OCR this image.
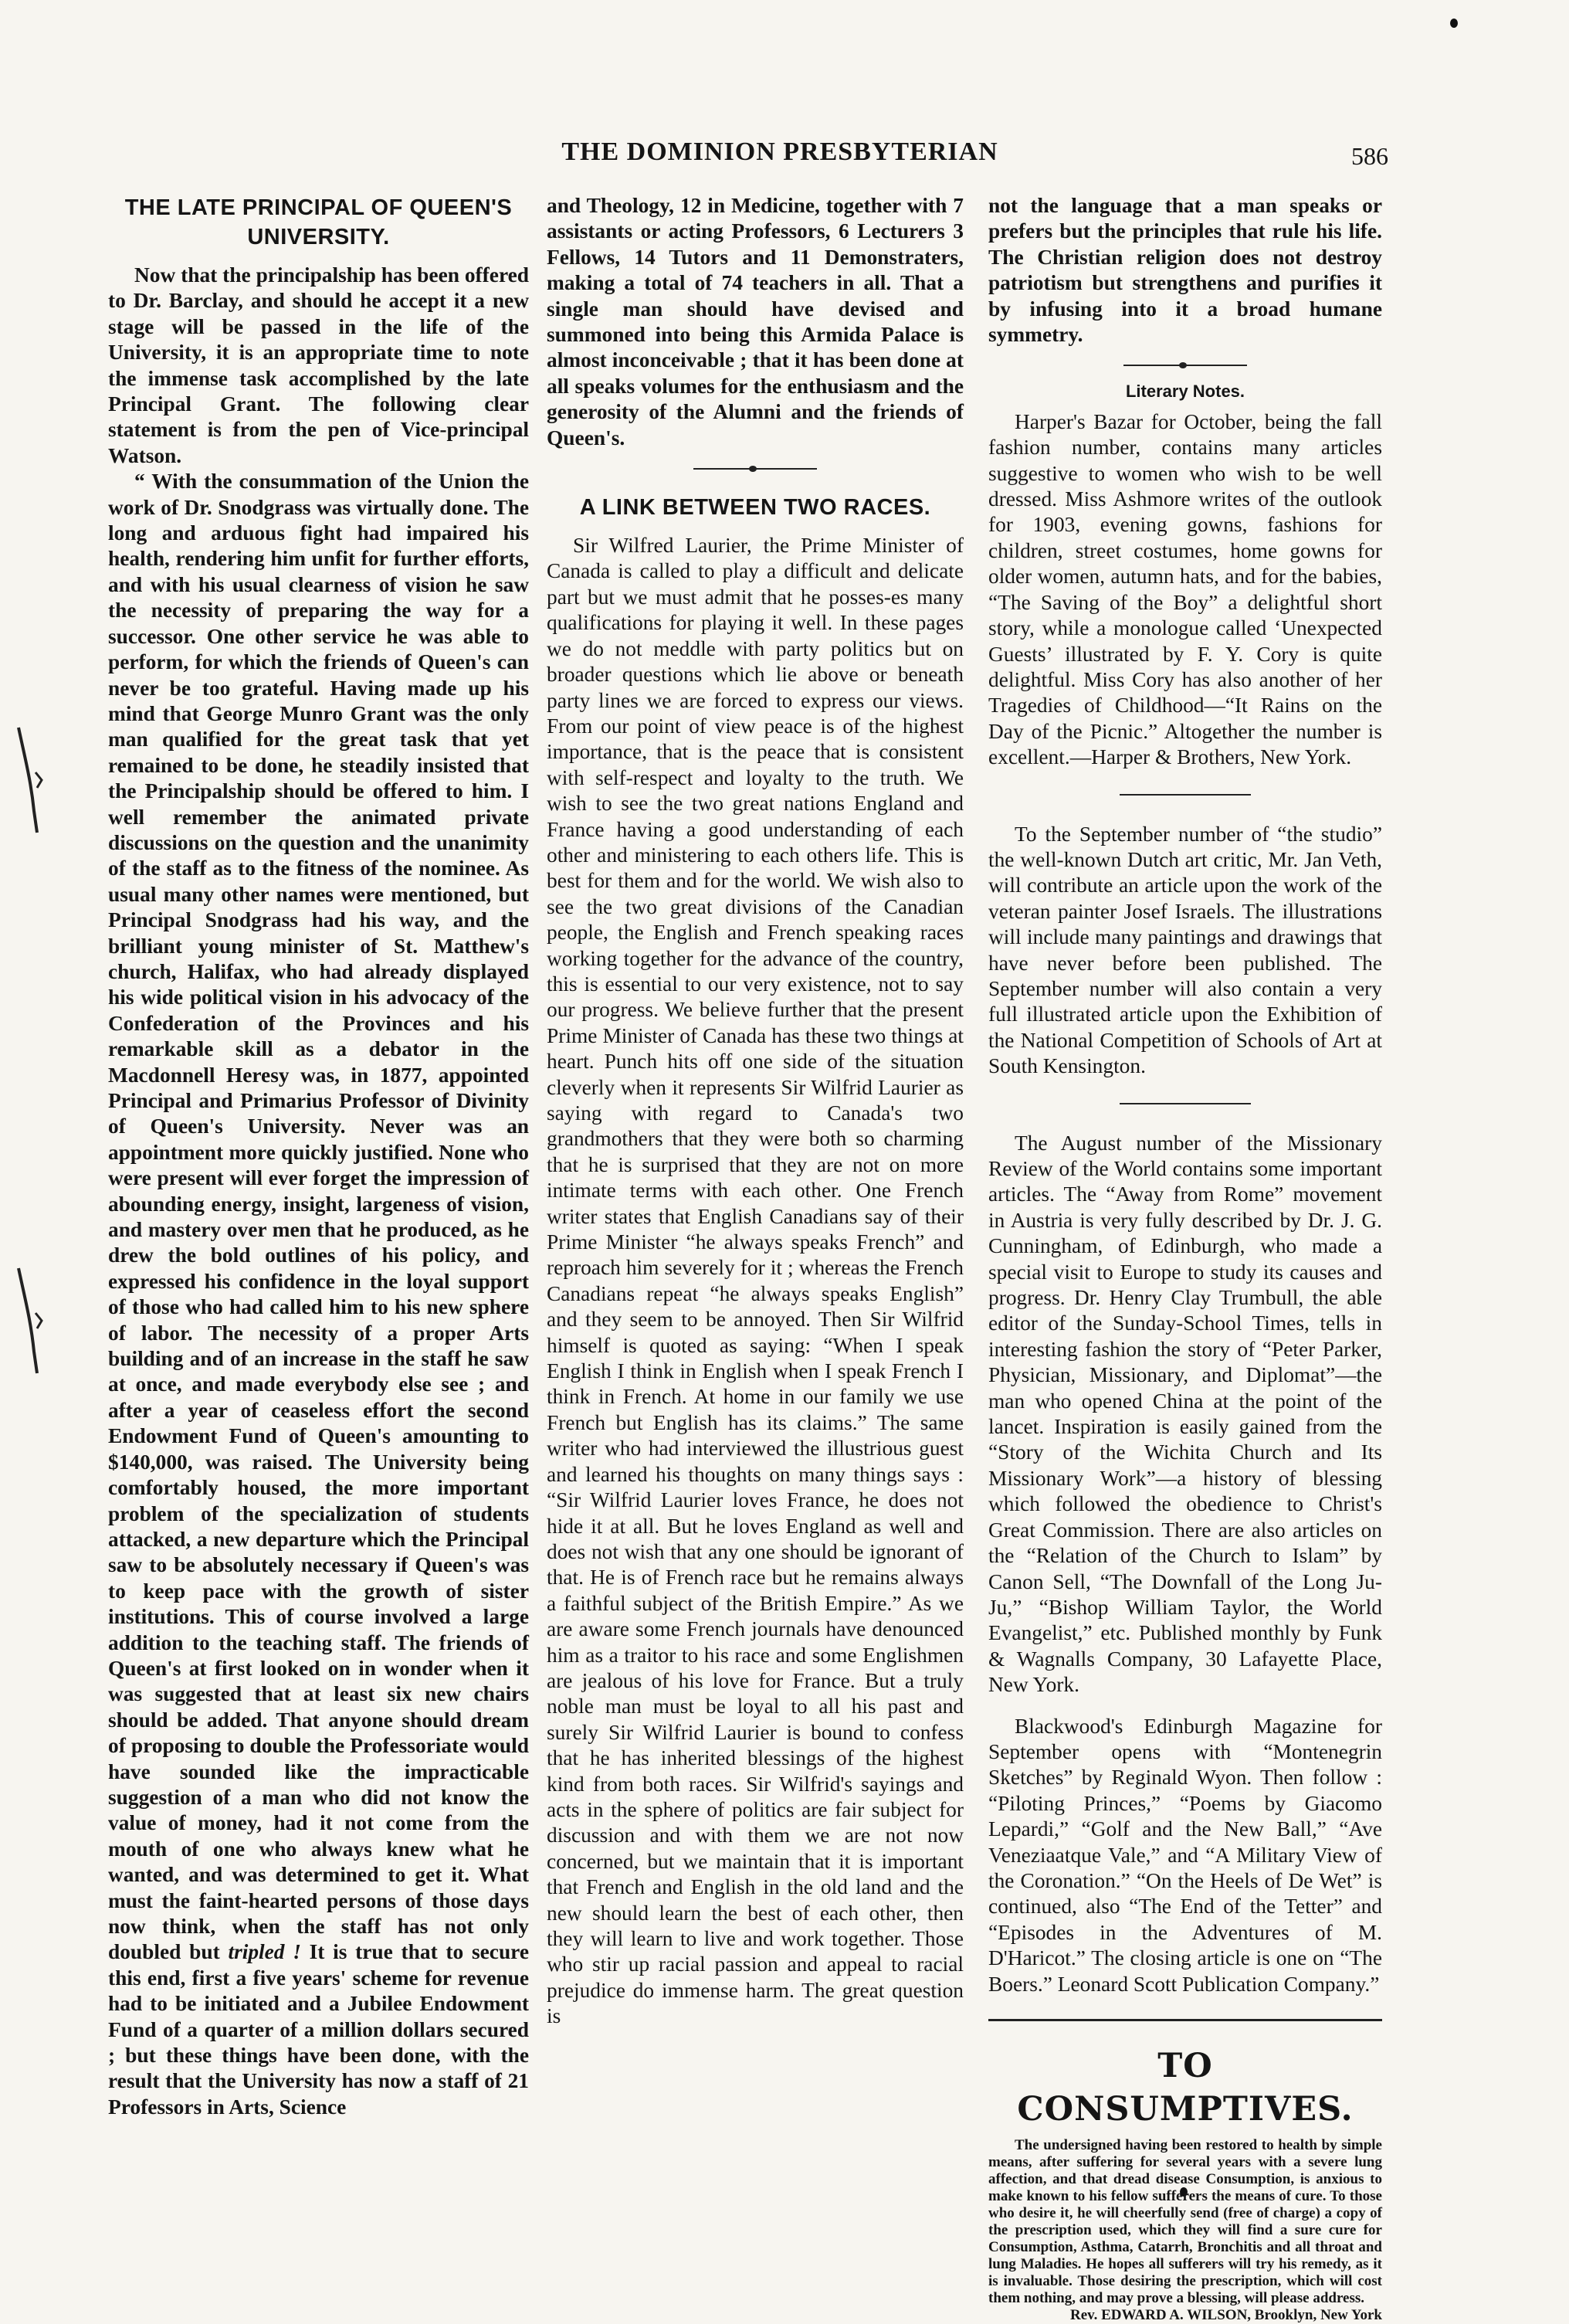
THE DOMINION PRESBYTERIAN	586
THE LATE PRINCIPAL OF QUEEN'S UNIVERSITY.

Now that the principalship has been offered to Dr. Barclay, and should he accept it a new stage will be passed in the life of the University, it is an appropriate time to note the immense task accomplished by the late Principal Grant. The following clear statement is from the pen of Vice-principal Watson.

“ With the consummation of the Union the work of Dr. Snodgrass was virtually done. The long and arduous fight had impaired his health, rendering him unfit for further efforts, and with his usual clearness of vision he saw the necessity of preparing the way for a successor. One other service he was able to perform, for which the friends of Queen's can never be too grateful. Having made up his mind that George Munro Grant was the only man qualified for the great task that yet remained to be done, he steadily insisted that the Principalship should be offered to him. I well remember the animated private discussions on the question and the unanimity of the staff as to the fitness of the nominee. As usual many other names were mentioned, but Principal Snodgrass had his way, and the brilliant young minister of St. Matthew's church, Halifax, who had already displayed his wide political vision in his advocacy of the Confederation of the Provinces and his remarkable skill as a debator in the Macdonnell Heresy was, in 1877, appointed Principal and Primarius Professor of Divinity of Queen's University. Never was an appointment more quickly justified. None who were present will ever forget the impression of abounding energy, insight, largeness of vision, and mastery over men that he produced, as he drew the bold outlines of his policy, and expressed his confidence in the loyal support of those who had called him to his new sphere of labor. The necessity of a proper Arts building and of an increase in the staff he saw at once, and made everybody else see ; and after a year of ceaseless effort the second Endowment Fund of Queen's amounting to $140,000, was raised. The University being comfortably housed, the more important problem of the specialization of students attacked, a new departure which the Principal saw to be absolutely necessary if Queen's was to keep pace with the growth of sister institutions. This of course involved a large addition to the teaching staff. The friends of Queen's at first looked on in wonder when it was suggested that at least six new chairs should be added. That anyone should dream of proposing to double the Professoriate would have sounded like the impracticable suggestion of a man who did not know the value of money, had it not come from the mouth of one who always knew what he wanted, and was determined to get it. What must the faint-hearted persons of those days now think, when the staff has not only doubled but tripled ! It is true that to secure this end, first a five years' scheme for revenue had to be initiated and a Jubilee Endowment Fund of a quarter of a million dollars secured ; but these things have been done, with the result that the University has now a staff of 21 Professors in Arts, Science

and Theology, 12 in Medicine, together with 7 assistants or acting Professors, 6 Lecturers 3 Fellows, 14 Tutors and 11 Demonstraters, making a total of 74 teachers in all. That a single man should have devised and summoned into being this Armida Palace is almost inconceivable ; that it has been done at all speaks volumes for the enthusiasm and the generosity of the Alumni and the friends of Queen's.

A LINK BETWEEN TWO RACES.

Sir Wilfred Laurier, the Prime Minister of Canada is called to play a difficult and delicate part but we must admit that he posses-es many qualifications for playing it well. In these pages we do not meddle with party politics but on broader questions which lie above or beneath party lines we are forced to express our views. From our point of view peace is of the highest importance, that is the peace that is consistent with self-respect and loyalty to the truth. We wish to see the two great nations England and France having a good understanding of each other and ministering to each others life. This is best for them and for the world. We wish also to see the two great divisions of the Canadian people, the English and French speaking races working together for the advance of the country, this is essential to our very existence, not to say our progress. We believe further that the present Prime Minister of Canada has these two things at heart. Punch hits off one side of the situation cleverly when it represents Sir Wilfrid Laurier as saying with regard to Canada's two grandmothers that they were both so charming that he is surprised that they are not on more intimate terms with each other. One French writer states that English Canadians say of their Prime Minister “he always speaks French” and reproach him severely for it ; whereas the French Canadians repeat “he always speaks English” and they seem to be annoyed. Then Sir Wilfrid himself is quoted as saying: “When I speak English I think in English when I speak French I think in French. At home in our family we use French but English has its claims.” The same writer who had interviewed the illustrious guest and learned his thoughts on many things says : “Sir Wilfrid Laurier loves France, he does not hide it at all. But he loves England as well and does not wish that any one should be ignorant of that. He is of French race but he remains always a faithful subject of the British Empire.” As we are aware some French journals have denounced him as a traitor to his race and some Englishmen are jealous of his love for France. But a truly noble man must be loyal to all his past and surely Sir Wilfrid Laurier is bound to confess that he has inherited blessings of the highest kind from both races. Sir Wilfrid's sayings and acts in the sphere of politics are fair subject for discussion and with them we are not now concerned, but we maintain that it is important that French and English in the old land and the new should learn the best of each other, then they will learn to live and work together. Those who stir up racial passion and appeal to racial prejudice do immense harm. The great question is

not the language that a man speaks or prefers but the principles that rule his life. The Christian religion does not destroy patriotism but strengthens and purifies it by infusing into it a broad humane symmetry.

Literary Notes.

Harper's Bazar for October, being the fall fashion number, contains many articles suggestive to women who wish to be well dressed. Miss Ashmore writes of the outlook for 1903, evening gowns, fashions for children, street costumes, home gowns for older women, autumn hats, and for the babies, “The Saving of the Boy” a delightful short story, while a monologue called ‘Unexpected Guests’ illustrated by F. Y. Cory is quite delightful. Miss Cory has also another of her Tragedies of Childhood—“It Rains on the Day of the Picnic.” Altogether the number is excellent.—Harper & Brothers, New York.

To the September number of “the studio” the well-known Dutch art critic, Mr. Jan Veth, will contribute an article upon the work of the veteran painter Josef Israels. The illustrations will include many paintings and drawings that have never before been published. The September number will also contain a very full illustrated article upon the Exhibition of the National Competition of Schools of Art at South Kensington.

The August number of the Missionary Review of the World contains some important articles. The “Away from Rome” movement in Austria is very fully described by Dr. J. G. Cunningham, of Edinburgh, who made a special visit to Europe to study its causes and progress. Dr. Henry Clay Trumbull, the able editor of the Sunday-School Times, tells in interesting fashion the story of “Peter Parker, Physician, Missionary, and Diplomat”—the man who opened China at the point of the lancet. Inspiration is easily gained from the “Story of the Wichita Church and Its Missionary Work”—a history of blessing which followed the obedience to Christ's Great Commission. There are also articles on the “Relation of the Church to Islam” by Canon Sell, “The Downfall of the Long Ju-Ju,” “Bishop William Taylor, the World Evangelist,” etc. Published monthly by Funk & Wagnalls Company, 30 Lafayette Place, New York.

Blackwood's Edinburgh Magazine for September opens with “Montenegrin Sketches” by Reginald Wyon. Then follow : “Piloting Princes,” “Poems by Giacomo Lepardi,” “Golf and the New Ball,” “Ave Veneziaatque Vale,” and “A Military View of the Coronation.” “On the Heels of De Wet” is continued, also “The End of the Tetter” and “Episodes in the Adventures of M. D'Haricot.” The closing article is one on “The Boers.” Leonard Scott Publication Company.”

TO CONSUMPTIVES.

The undersigned having been restored to health by simple means, after suffering for several years with a severe lung affection, and that dread disease Consumption, is anxious to make known to his fellow sufferers the means of cure. To those who desire it, he will cheerfully send (free of charge) a copy of the prescription used, which they will find a sure cure for Consumption, Asthma, Catarrh, Bronchitis and all throat and lung Maladies. He hopes all sufferers will try his remedy, as it is invaluable. Those desiring the prescription, which will cost them nothing, and may prove a blessing, will please address.

Rev. EDWARD A. WILSON, Brooklyn, New York
